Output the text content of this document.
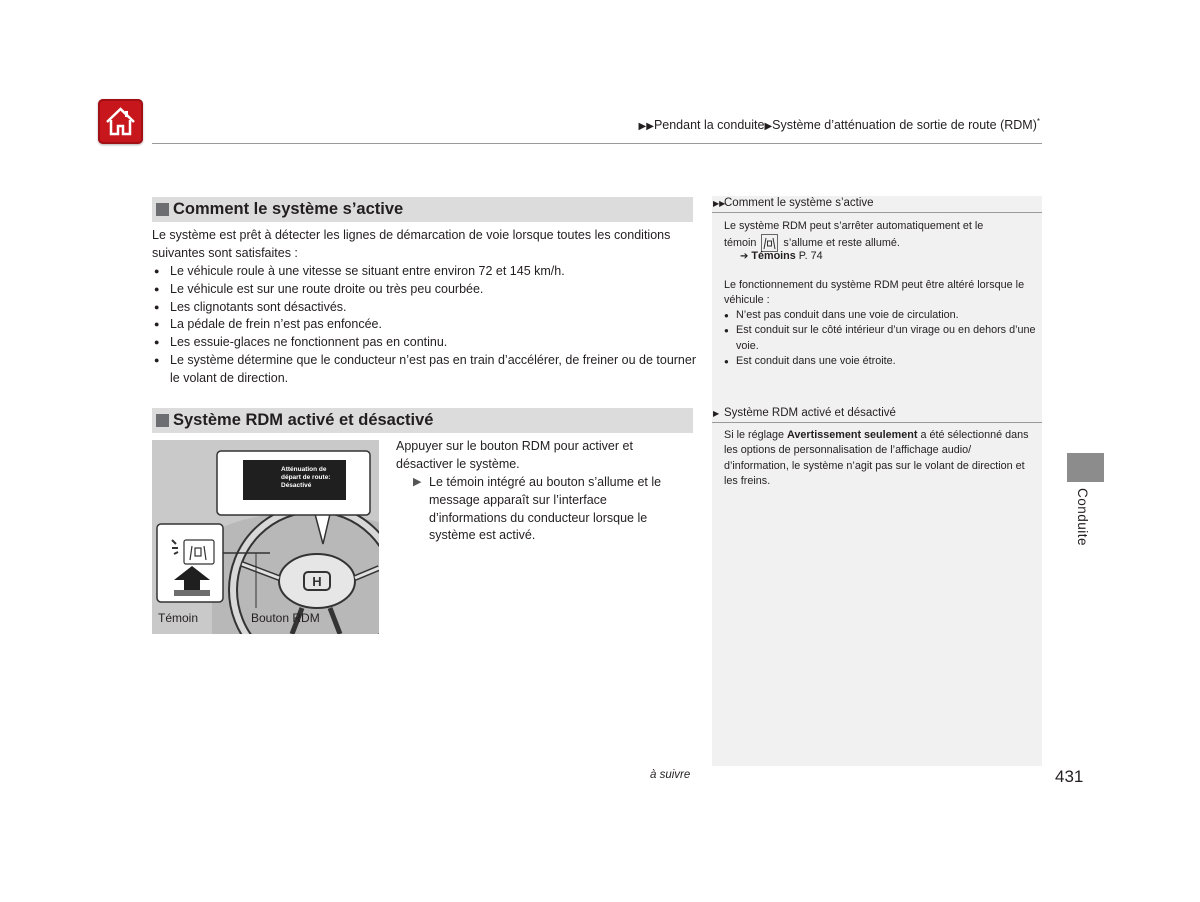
▶▶Pendant la conduite▶Système d’atténuation de sortie de route (RDM)*
Comment le système s’active
Le système est prêt à détecter les lignes de démarcation de voie lorsque toutes les conditions suivantes sont satisfaites :
● Le véhicule roule à une vitesse se situant entre environ 72 et 145 km/h.
● Le véhicule est sur une route droite ou très peu courbée.
● Les clignotants sont désactivés.
● La pédale de frein n’est pas enfoncée.
● Les essuie-glaces ne fonctionnent pas en continu.
● Le système détermine que le conducteur n’est pas en train d’accélérer, de freiner ou de tourner le volant de direction.
Système RDM activé et désactivé
H
Atténuation de départ de route: Désactivé
Témoin	Bouton RDM
Appuyer sur le bouton RDM pour activer et désactiver le système.
▶ Le témoin intégré au bouton s’allume et le message apparaît sur l’interface d’informations du conducteur lorsque le système est activé.
▶▶Comment le système s’active
Le système RDM peut s’arrêter automatiquement et le
témoin	s’allume et reste allumé.
➔ Témoins P. 74
Le fonctionnement du système RDM peut être altéré lorsque le véhicule :
● N’est pas conduit dans une voie de circulation.
● Est conduit sur le côté intérieur d’un virage ou en dehors d’une voie.
● Est conduit dans une voie étroite.
▶ Système RDM activé et désactivé
Si le réglage Avertissement seulement a été sélectionné dans les options de personnalisation de l’affichage audio/ d’information, le système n’agit pas sur le volant de direction et les freins.
Conduite
à suivre	431
